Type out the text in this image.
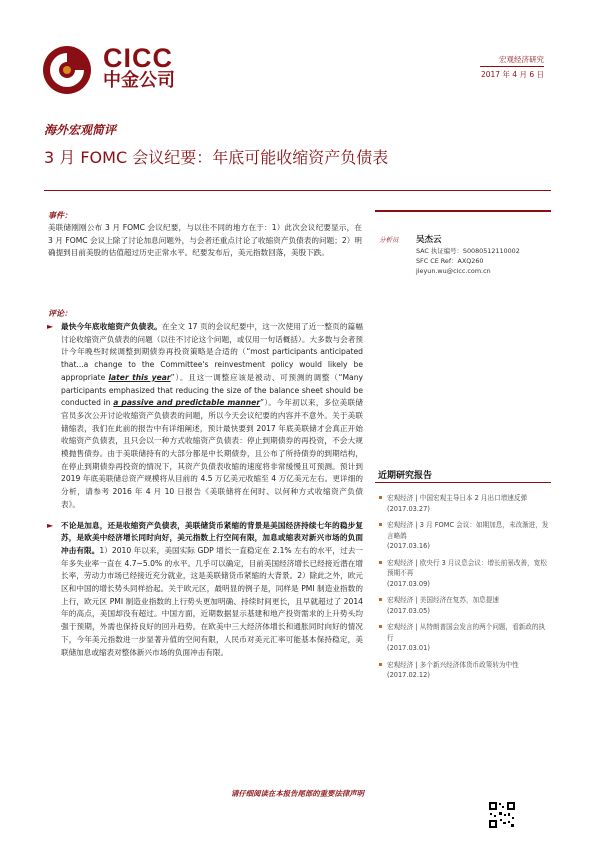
CICC
中金公司
宏观经济研究
2017 年 4 月 6 日
海外宏观简评
3 月 FOMC 会议纪要：年底可能收缩资产负债表
事件：
美联储刚刚公布 3 月 FOMC 会议纪要，与以往不同的地方在于：1）此次会议纪要显示，在 3 月 FOMC 会议上除了讨论加息问题外，与会者还重点讨论了收缩资产负债表的问题；2）明确提到目前美股的估值超过历史正常水平。纪要发布后，美元指数回落，美股下跌。
评论：
► 最快今年底收缩资产负债表。在全文 17 页的会议纪要中，这一次使用了近一整页的篇幅讨论收缩资产负债表的问题（以往不讨论这个问题，或仅用一句话概括）。大多数与会者预计今年晚些时候调整到期债券再投资策略是合适的（“most participants anticipated that...a change to the Committee's reinvestment policy would likely be appropriate later this year”）。且这一调整应该是被动、可预测的调整（“Many participants emphasized that reducing the size of the balance sheet should be conducted in a passive and predictable manner”）。今年初以来，多位美联储官员多次公开讨论收缩资产负债表的问题，所以今天会议纪要的内容并不意外。关于美联储缩表，我们在此前的报告中有详细阐述，预计最快要到 2017 年底美联储才会真正开始收缩资产负债表，且只会以一种方式收缩资产负债表：停止到期债券的再投资，不会大规模抛售债券。由于美联储持有的大部分都是中长期债券，且公布了所持债券的到期结构，在停止到期债券再投资的情况下，其资产负债表收缩的速度将非常缓慢且可预测。预计到 2019 年底美联储总资产规模将从目前的 4.5 万亿美元收缩至 4 万亿美元左右。更详细的分析，请参考 2016 年 4 月 10 日报告《美联储将在何时、以何种方式收缩资产负债表》。
► 不论是加息，还是收缩资产负债表，美联储货币紧缩的背景是美国经济持续七年的稳步复苏，是欧美中经济增长同时向好，美元指数上行空间有限，加息或缩表对新兴市场的负面冲击有限。1）2010 年以来，美国实际 GDP 增长一直稳定在 2.1% 左右的水平，过去一年多失业率一直在 4.7~5.0% 的水平。几乎可以确定，目前美国经济增长已经接近潜在增长率，劳动力市场已经接近充分就业，这是美联储货币紧缩的大背景。2）除此之外，欧元区和中国的增长势头同样拾起。关于欧元区，最明显的例子是，同样是 PMI 制造业指数的上行，欧元区 PMI 制造业指数的上行势头更加明确、持续时间更长，且早就超过了 2014 年的高点，美国却没有超过。中国方面，近期数据显示基建和地产投资需求的上升势头均强于预期，外需也保持良好的回升趋势。在欧美中三大经济体增长和通胀同时向好的情况下，今年美元指数进一步显著升值的空间有限，人民币对美元汇率可能基本保持稳定，美联储加息或缩表对整体新兴市场的负面冲击有限。
分析员 吴杰云
SAC 执证编号：S0080512110002
SFC CE Ref：AXQ260
jieyun.wu@cicc.com.cn
近期研究报告
宏观经济 | 中国宏观主导日本 2 月出口增速反弹
(2017.03.27)
宏观经济 | 3 月 FOMC 会议：如期加息，未改渐进，发言略鸽
(2017.03.16)
宏观经济 | 欧央行 3 月议息会议：增长前景改善，宽松预期不再
(2017.03.09)
宏观经济 | 美国经济在复苏，加息提速
(2017.03.05)
宏观经济 | 从特朗普国会发言的两个问题，看新政的执行
(2017.03.01)
宏观经济 | 多个新兴经济体货币政策转为中性
(2017.02.12)
请仔细阅读在本报告尾部的重要法律声明
